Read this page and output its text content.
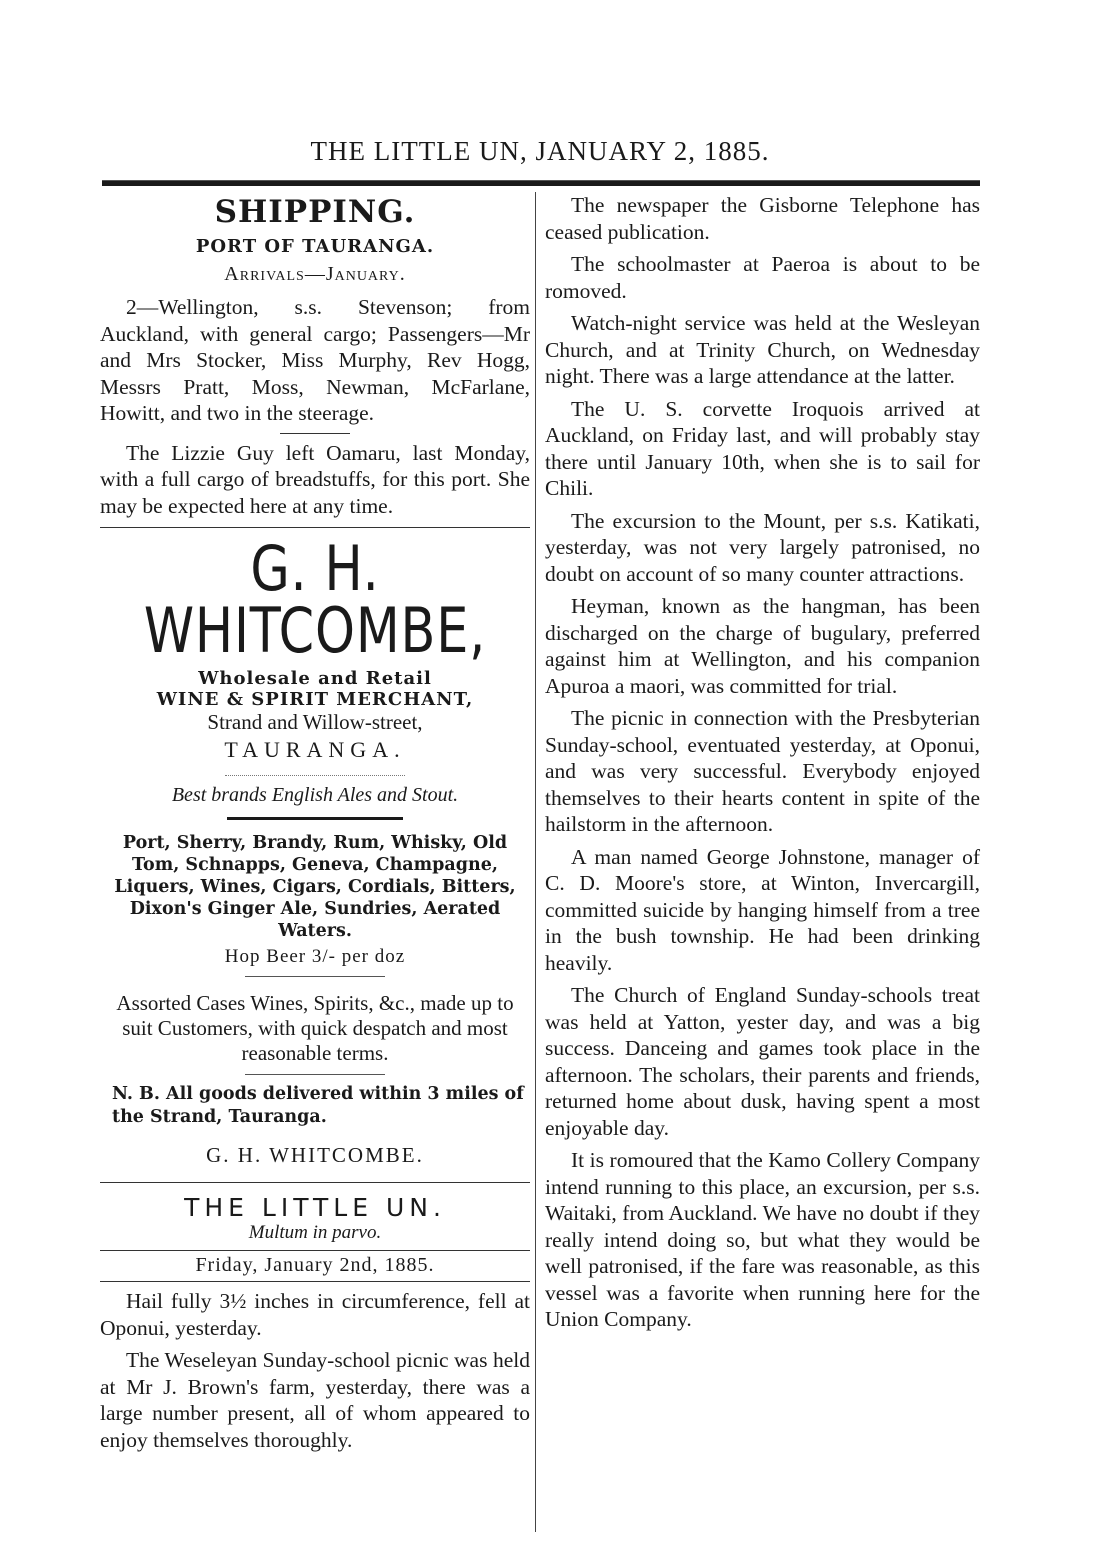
THE LITTLE UN, JANUARY 2, 1885.
SHIPPING.
PORT OF TAURANGA.
Arrivals—January.

2—Wellington, s.s. Stevenson; from Auckland, with general cargo; Passengers—Mr and Mrs Stocker, Miss Murphy, Rev Hogg, Messrs Pratt, Moss, Newman, McFarlane, Howitt, and two in the steerage.

The Lizzie Guy left Oamaru, last Monday, with a full cargo of breadstuffs, for this port. She may be expected here at any time.

G. H. WHITCOMBE,
Wholesale and Retail
WINE & SPIRIT MERCHANT,
Strand and Willow-street,
TAURANGA.
Best brands English Ales and Stout.
Port, Sherry, Brandy, Rum, Whisky, Old Tom, Schnapps, Geneva, Champagne, Liquers, Wines, Cigars, Cordials, Bitters, Dixon's Ginger Ale, Sundries, Aerated Waters.
Hop Beer 3/- per doz
Assorted Cases Wines, Spirits, &c., made up to suit Customers, with quick despatch and most reasonable terms.
N. B. All goods delivered within 3 miles of the Strand, Tauranga.
G. H. WHITCOMBE.
THE LITTLE UN.
Multum in parvo.
Friday, January 2nd, 1885.

Hail fully 3½ inches in circumference, fell at Oponui, yesterday.

The Weseleyan Sunday-school picnic was held at Mr J. Brown's farm, yesterday, there was a large number present, all of whom appeared to enjoy themselves thoroughly.

The newspaper the Gisborne Telephone has ceased publication.

The schoolmaster at Paeroa is about to be romoved.

Watch-night service was held at the Wesleyan Church, and at Trinity Church, on Wednesday night. There was a large attendance at the latter.

The U. S. corvette Iroquois arrived at Auckland, on Friday last, and will probably stay there until January 10th, when she is to sail for Chili.

The excursion to the Mount, per s.s. Katikati, yesterday, was not very largely patronised, no doubt on account of so many counter attractions.

Heyman, known as the hangman, has been discharged on the charge of bugulary, preferred against him at Wellington, and his companion Apuroa a maori, was committed for trial.

The picnic in connection with the Presbyterian Sunday-school, eventuated yesterday, at Oponui, and was very successful. Everybody enjoyed themselves to their hearts content in spite of the hailstorm in the afternoon.

A man named George Johnstone, manager of C. D. Moore's store, at Winton, Invercargill, committed suicide by hanging himself from a tree in the bush township. He had been drinking heavily.

The Church of England Sunday-schools treat was held at Yatton, yester day, and was a big success. Danceing and games took place in the afternoon. The scholars, their parents and friends, returned home about dusk, having spent a most enjoyable day.

It is romoured that the Kamo Collery Company intend running to this place, an excursion, per s.s. Waitaki, from Auckland. We have no doubt if they really intend doing so, but what they would be well patronised, if the fare was reasonable, as this vessel was a favorite when running here for the Union Company.
